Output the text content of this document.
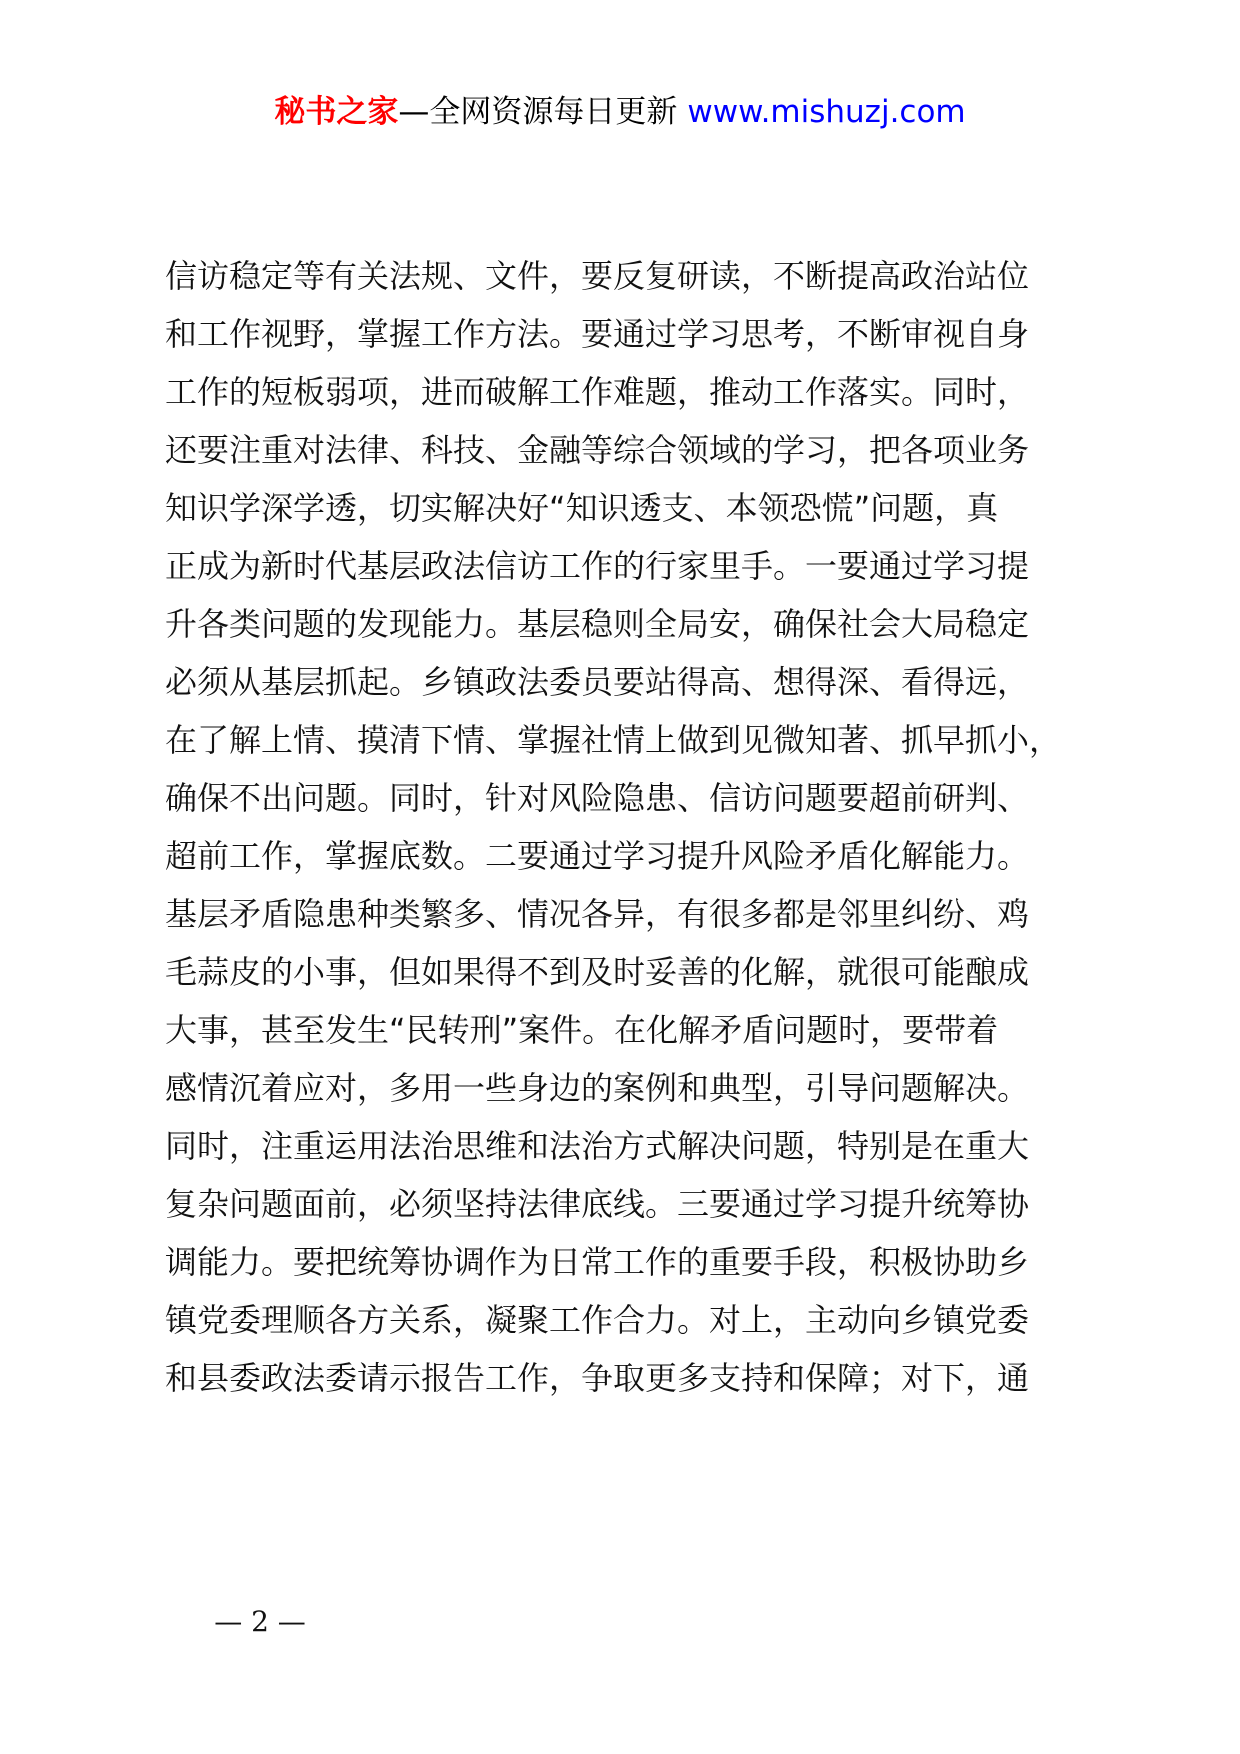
秘书之家—全网资源每日更新 www.mishuzj.com
信访稳定等有关法规、文件，要反复研读，不断提高政治站位
和工作视野，掌握工作方法。要通过学习思考，不断审视自身
工作的短板弱项，进而破解工作难题，推动工作落实。同时，
还要注重对法律、科技、金融等综合领域的学习，把各项业务
知识学深学透，切实解决好“知识透支、本领恐慌”问题，真
正成为新时代基层政法信访工作的行家里手。一要通过学习提
升各类问题的发现能力。基层稳则全局安，确保社会大局稳定
必须从基层抓起。乡镇政法委员要站得高、想得深、看得远，
在了解上情、摸清下情、掌握社情上做到见微知著、抓早抓小，
确保不出问题。同时，针对风险隐患、信访问题要超前研判、
超前工作，掌握底数。二要通过学习提升风险矛盾化解能力。
基层矛盾隐患种类繁多、情况各异，有很多都是邻里纠纷、鸡
毛蒜皮的小事，但如果得不到及时妥善的化解，就很可能酿成
大事，甚至发生“民转刑”案件。在化解矛盾问题时，要带着
感情沉着应对，多用一些身边的案例和典型，引导问题解决。
同时，注重运用法治思维和法治方式解决问题，特别是在重大
复杂问题面前，必须坚持法律底线。三要通过学习提升统筹协
调能力。要把统筹协调作为日常工作的重要手段，积极协助乡
镇党委理顺各方关系，凝聚工作合力。对上，主动向乡镇党委
和县委政法委请示报告工作，争取更多支持和保障；对下，通
— 2 —
